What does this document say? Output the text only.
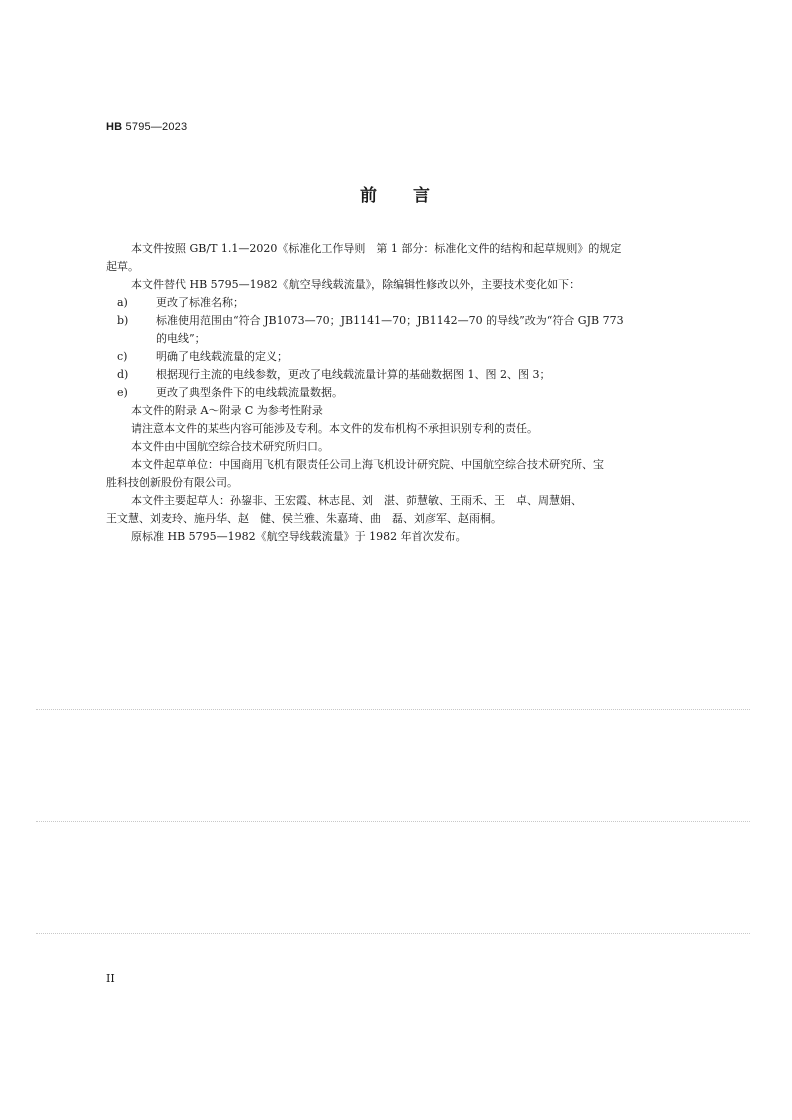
HB 5795—2023
前 言

本文件按照 GB/T 1.1—2020《标准化工作导则　第 1 部分：标准化文件的结构和起草规则》的规定

起草。

本文件替代 HB 5795—1982《航空导线载流量》，除编辑性修改以外，主要技术变化如下：

a)	更改了标准名称；
b)	标准使用范围由“符合 JB1073—70；JB1141—70；JB1142—70 的导线”改为“符合 GJB 773
的电线”；
c)	明确了电线载流量的定义；
d)	根据现行主流的电线参数，更改了电线载流量计算的基础数据图 1、图 2、图 3；
e)	更改了典型条件下的电线载流量数据。

本文件的附录 A～附录 C 为参考性附录

请注意本文件的某些内容可能涉及专利。本文件的发布机构不承担识别专利的责任。

本文件由中国航空综合技术研究所归口。

本文件起草单位：中国商用飞机有限责任公司上海飞机设计研究院、中国航空综合技术研究所、宝

胜科技创新股份有限公司。

本文件主要起草人：孙鋆非、王宏霞、林志昆、刘　湛、茆慧敏、王雨禾、王　卓、周慧娟、

王文慧、刘麦玲、施丹华、赵　健、侯兰雅、朱嘉琦、曲　磊、刘彦军、赵雨桐。

原标准 HB 5795—1982《航空导线载流量》于 1982 年首次发布。

II
